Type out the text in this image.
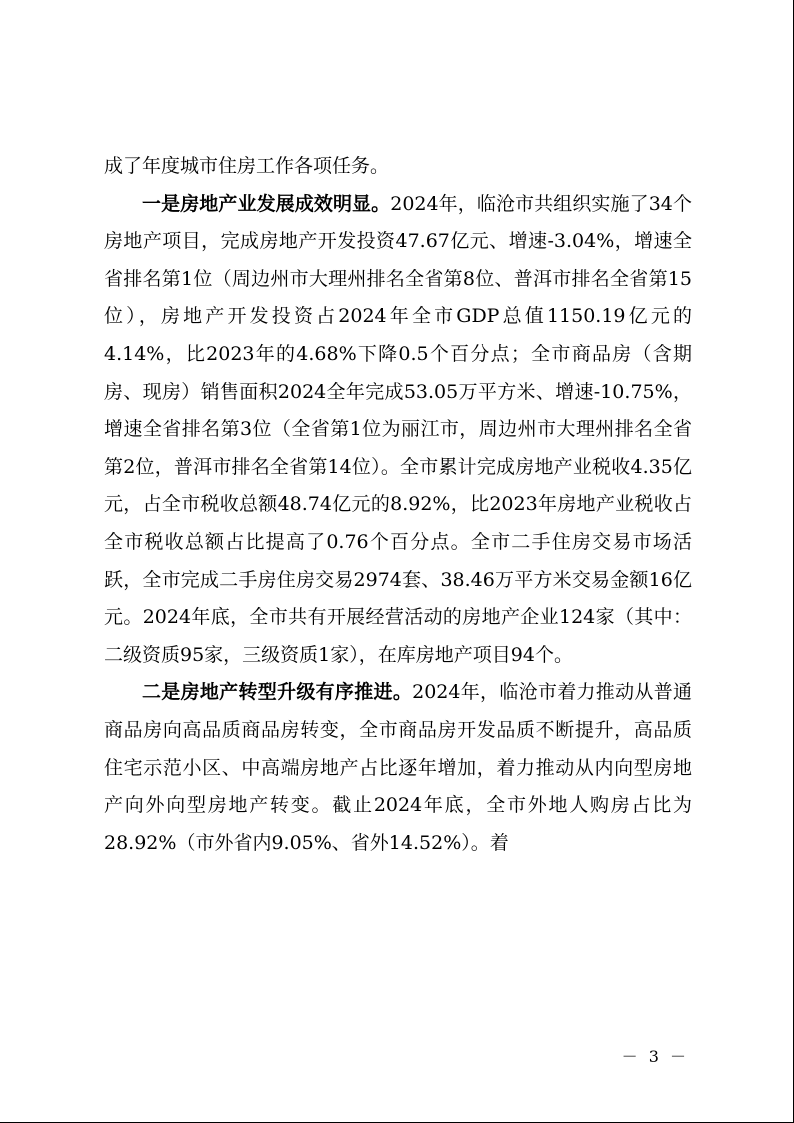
成了年度城市住房工作各项任务。

一是房地产业发展成效明显。2024年，临沧市共组织实施了34个房地产项目，完成房地产开发投资47.67亿元、增速-3.04%，增速全省排名第1位（周边州市大理州排名全省第8位、普洱市排名全省第15位），房地产开发投资占2024年全市GDP总值1150.19亿元的4.14%，比2023年的4.68%下降0.5个百分点；全市商品房（含期房、现房）销售面积2024全年完成53.05万平方米、增速-10.75%，增速全省排名第3位（全省第1位为丽江市，周边州市大理州排名全省第2位，普洱市排名全省第14位）。全市累计完成房地产业税收4.35亿元，占全市税收总额48.74亿元的8.92%，比2023年房地产业税收占全市税收总额占比提高了0.76个百分点。全市二手住房交易市场活跃，全市完成二手房住房交易2974套、38.46万平方米交易金额16亿元。2024年底，全市共有开展经营活动的房地产企业124家（其中：二级资质95家，三级资质1家），在库房地产项目94个。

二是房地产转型升级有序推进。2024年，临沧市着力推动从普通商品房向高品质商品房转变，全市商品房开发品质不断提升，高品质住宅示范小区、中高端房地产占比逐年增加，着力推动从内向型房地产向外向型房地产转变。截止2024年底，全市外地人购房占比为28.92%（市外省内9.05%、省外14.52%）。着

－ 3 －
